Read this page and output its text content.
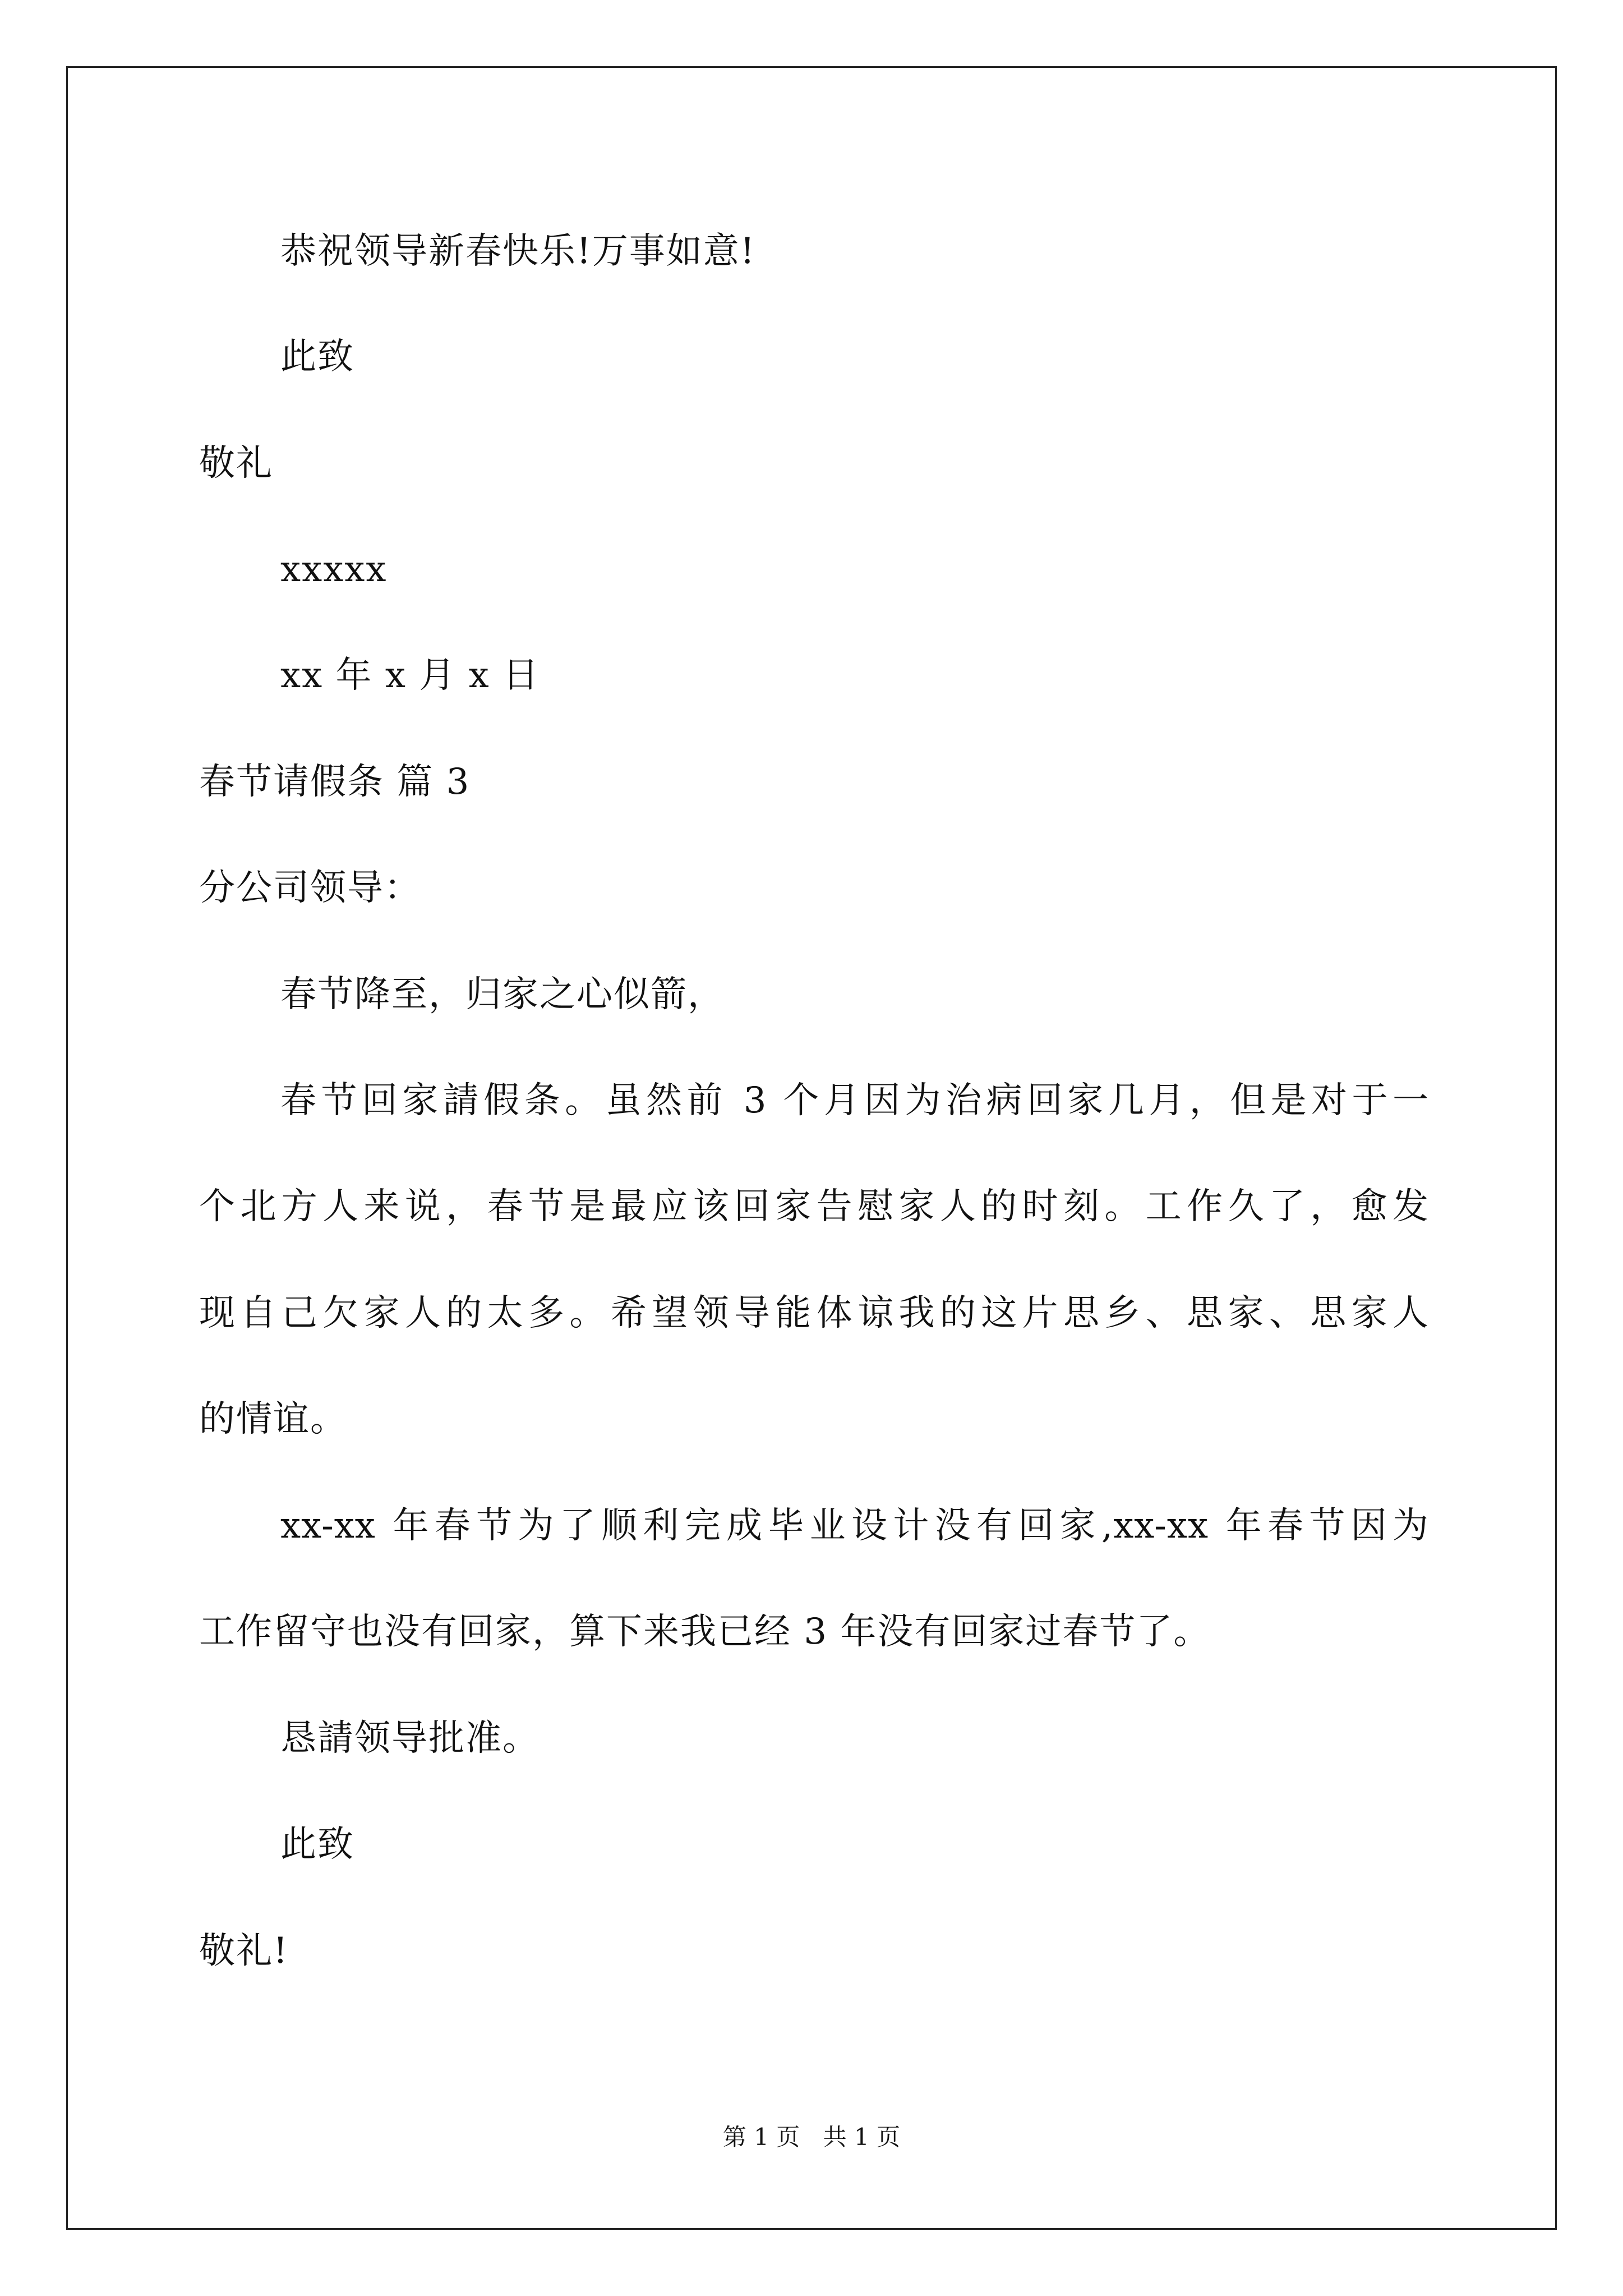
恭祝领导新春快乐!万事如意!
此致
敬礼
xxxxx
xx 年 x 月 x 日
春节请假条 篇 3
分公司领导：
春节降至，归家之心似箭，
春节回家請假条。虽然前 3 个月因为治病回家几月，但是对于一
个北方人来说，春节是最应该回家告慰家人的时刻。工作久了，愈发
现自己欠家人的太多。希望领导能体谅我的这片思乡、思家、思家人
的情谊。
xx-xx 年春节为了顺利完成毕业设计没有回家,xx-xx 年春节因为
工作留守也没有回家，算下来我已经 3 年没有回家过春节了。
恳請领导批准。
此致
敬礼!
第 1 页 共 1 页
